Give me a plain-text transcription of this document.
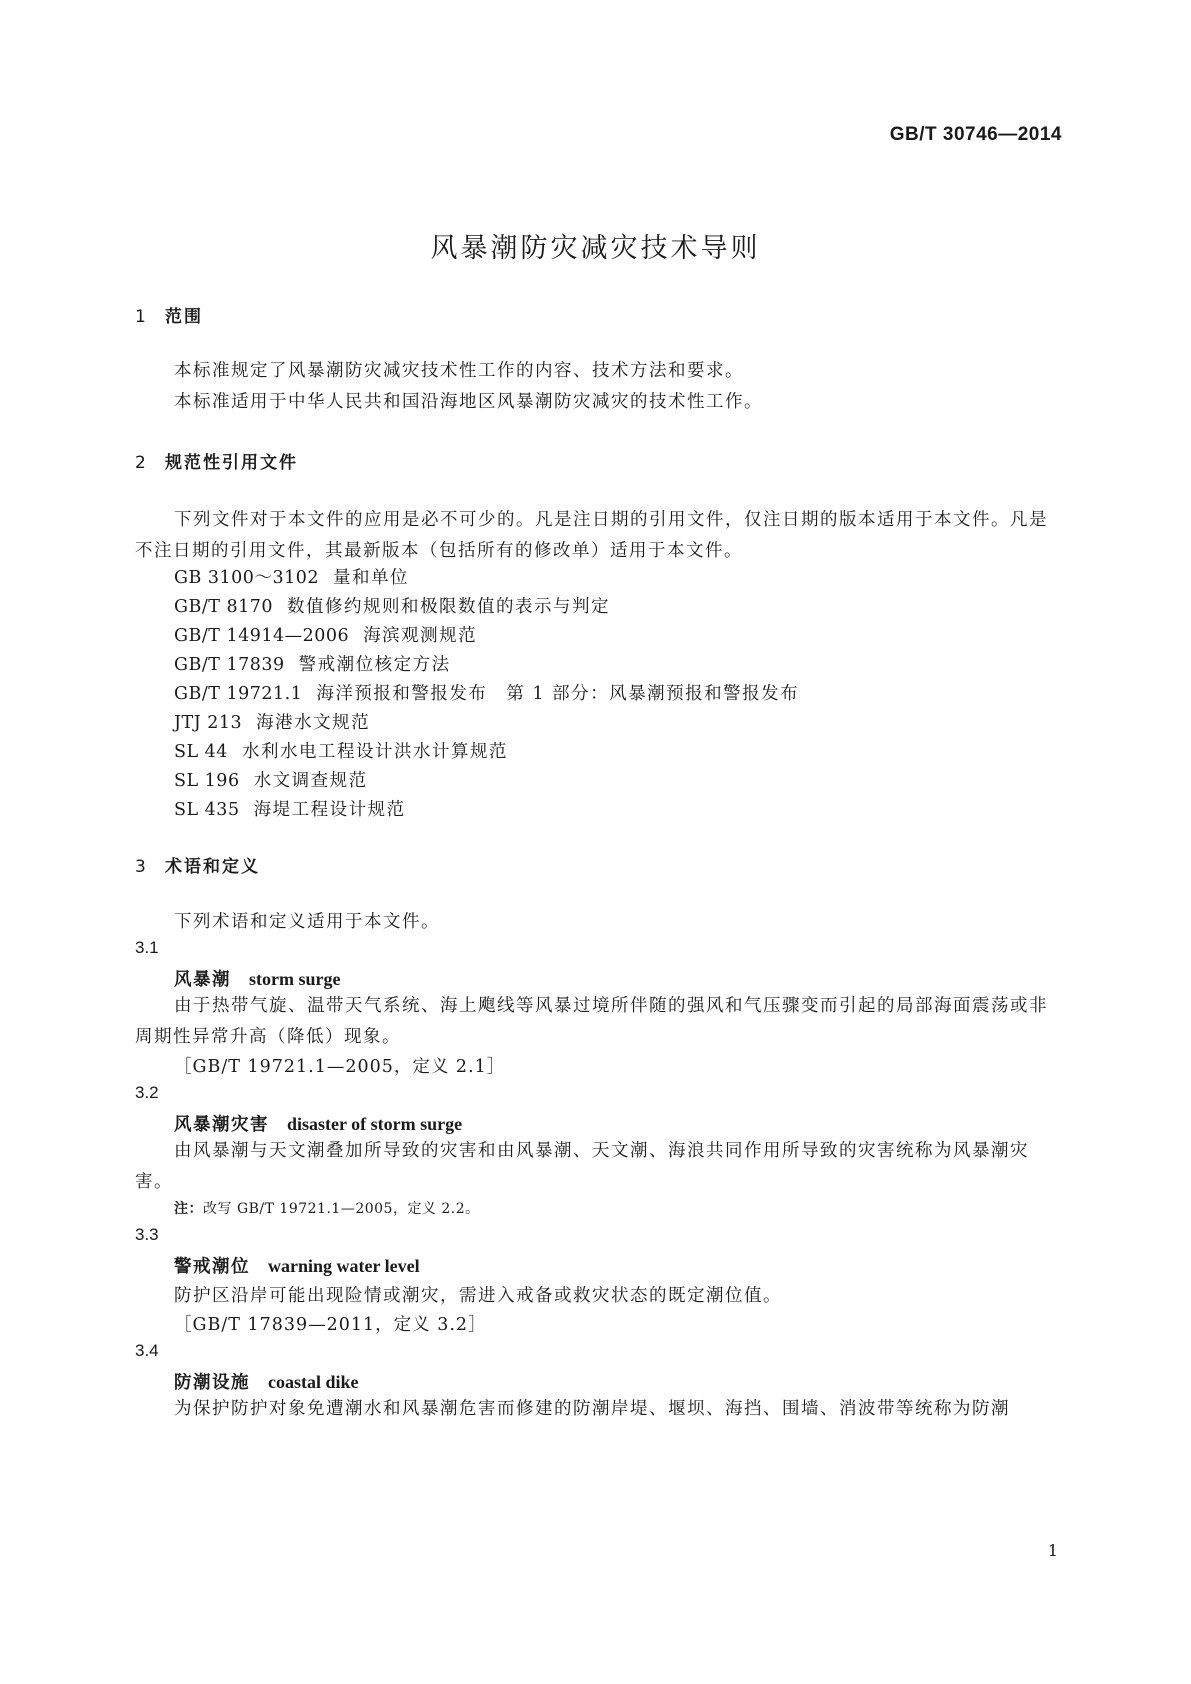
GB/T 30746—2014
风暴潮防灾减灾技术导则
1 范围
本标准规定了风暴潮防灾减灾技术性工作的内容、技术方法和要求。
本标准适用于中华人民共和国沿海地区风暴潮防灾减灾的技术性工作。
2 规范性引用文件
下列文件对于本文件的应用是必不可少的。凡是注日期的引用文件，仅注日期的版本适用于本文件。凡是不注日期的引用文件，其最新版本（包括所有的修改单）适用于本文件。
GB 3100～3102 量和单位
GB/T 8170 数值修约规则和极限数值的表示与判定
GB/T 14914—2006 海滨观测规范
GB/T 17839 警戒潮位核定方法
GB/T 19721.1 海洋预报和警报发布　第 1 部分：风暴潮预报和警报发布
JTJ 213 海港水文规范
SL 44 水利水电工程设计洪水计算规范
SL 196 水文调查规范
SL 435 海堤工程设计规范
3 术语和定义
下列术语和定义适用于本文件。
3.1
风暴潮 storm surge
由于热带气旋、温带天气系统、海上飑线等风暴过境所伴随的强风和气压骤变而引起的局部海面震荡或非周期性异常升高（降低）现象。
［GB/T 19721.1—2005，定义 2.1］
3.2
风暴潮灾害 disaster of storm surge
由风暴潮与天文潮叠加所导致的灾害和由风暴潮、天文潮、海浪共同作用所导致的灾害统称为风暴潮灾害。
注：改写 GB/T 19721.1—2005，定义 2.2。
3.3
警戒潮位 warning water level
防护区沿岸可能出现险情或潮灾，需进入戒备或救灾状态的既定潮位值。
［GB/T 17839—2011，定义 3.2］
3.4
防潮设施 coastal dike
为保护防护对象免遭潮水和风暴潮危害而修建的防潮岸堤、堰坝、海挡、围墙、消波带等统称为防潮
1
